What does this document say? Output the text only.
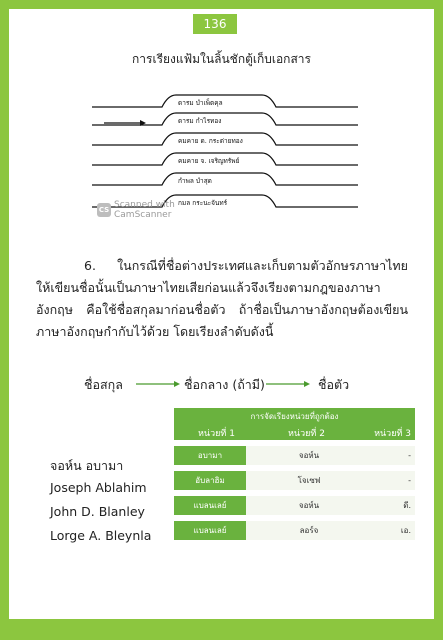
136
การเรียงแฟ้มในลิ้นชักตู้เก็บเอกสาร
ดารม บำเพ็ตคุล
ดารม กำไรทอง
คมคาย ด. กระต่ายทอง
คมคาย จ. เจริญทรัพย์
กำพล บำสุด
กมล กระนะจันทร์
CS Scanned with
CamScanner
6. ในกรณีที่ชื่อต่างประเทศและเก็บตามตัวอักษรภาษาไทย ให้เขียนชื่อนั้นเป็นภาษาไทยเสียก่อนแล้วจึงเรียงตามกฎของภาษาอังกฤษ คือใช้ชื่อสกุลมาก่อนชื่อตัว ถ้าชื่อเป็นภาษาอังกฤษต้องเขียนภาษาอังกฤษกำกับไว้ด้วย โดยเรียงลำดับดังนี้
ชื่อสกุล	ชื่อกลาง (ถ้ามี)	ชื่อตัว
จอห์น อบามา
Joseph Ablahim
John D. Blanley
Lorge A. Bleynla
การจัดเรียงหน่วยที่ถูกต้อง
หน่วยที่ 1	หน่วยที่ 2	หน่วยที่ 3
อบามา	จอห์น	-
อับลาฮิม	โจเซฟ	-
แบลนเลย์	จอห์น	ดี.
แบลนเลย์	ลอร์จ	เอ.
